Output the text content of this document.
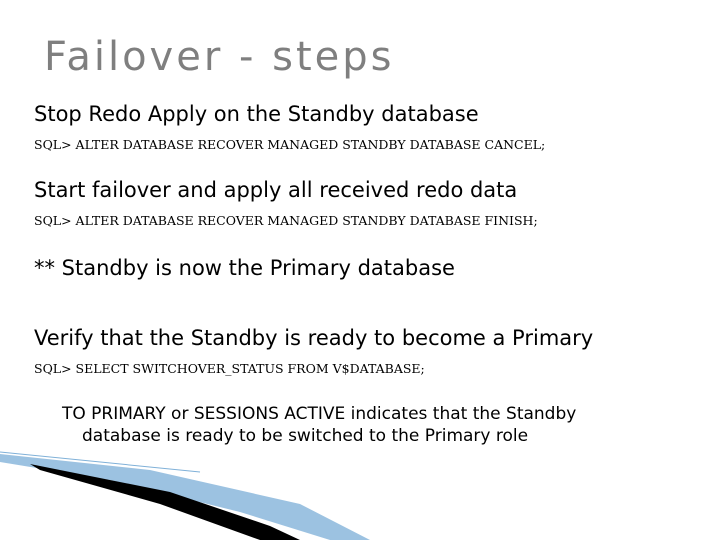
Failover - steps
Stop Redo Apply on the Standby database
SQL> ALTER DATABASE RECOVER MANAGED STANDBY DATABASE CANCEL;
Start failover and apply all received redo data
SQL> ALTER DATABASE RECOVER MANAGED STANDBY DATABASE FINISH;
** Standby is now the Primary database
Verify that the Standby is ready to become a Primary
SQL> SELECT SWITCHOVER_STATUS FROM V$DATABASE;
TO PRIMARY or SESSIONS ACTIVE indicates that the Standby
database is ready to be switched to the Primary role
